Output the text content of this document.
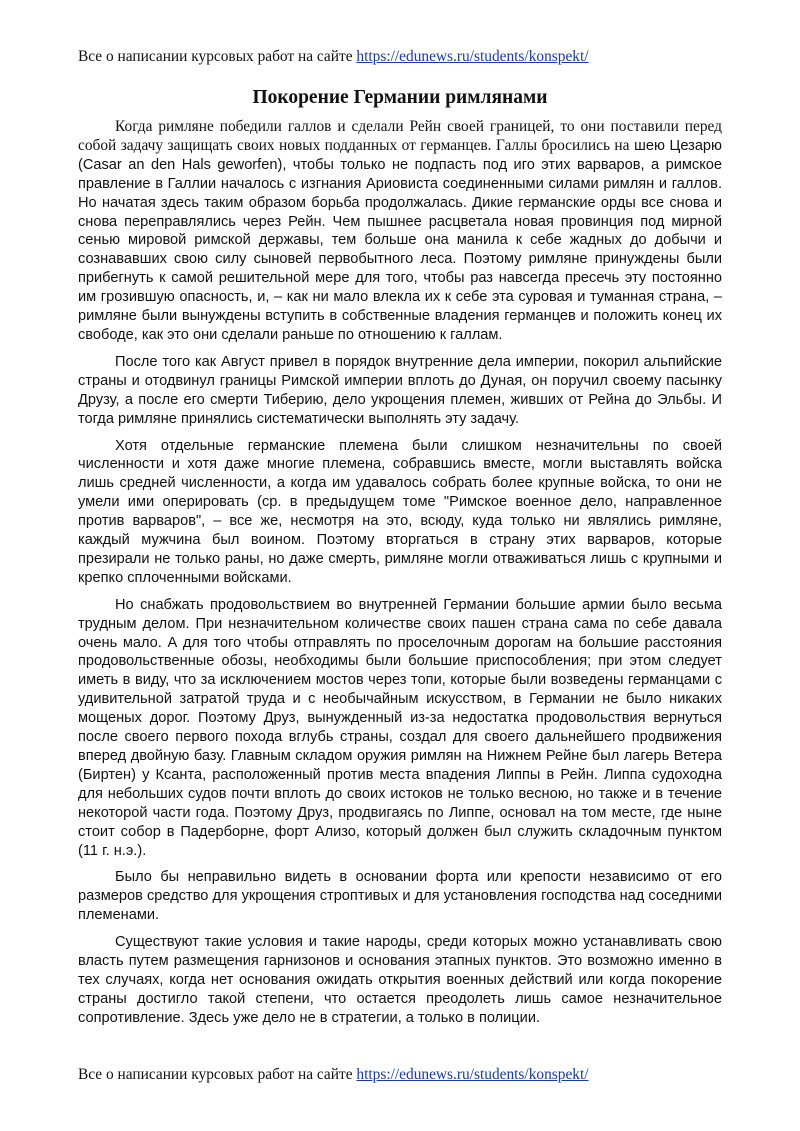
Все о написании курсовых работ на сайте https://edunews.ru/students/konspekt/
Покорение Германии римлянами

Когда римляне победили галлов и сделали Рейн своей границей, то они поставили перед собой задачу защищать своих новых подданных от германцев. Галлы бросились на шею Цезарю (Casar an den Hals geworfen), чтобы только не подпасть под иго этих варваров, а римское правление в Галлии началось с изгнания Ариовиста соединенными силами римлян и галлов. Но начатая здесь таким образом борьба продолжалась. Дикие германские орды все снова и снова переправлялись через Рейн. Чем пышнее расцветала новая провинция под мирной сенью мировой римской державы, тем больше она манила к себе жадных до добычи и сознававших свою силу сыновей первобытного леса. Поэтому римляне принуждены были прибегнуть к самой решительной мере для того, чтобы раз навсегда пресечь эту постоянно им грозившую опасность, и, – как ни мало влекла их к себе эта суровая и туманная страна, – римляне были вынуждены вступить в собственные владения германцев и положить конец их свободе, как это они сделали раньше по отношению к галлам.

После того как Август привел в порядок внутренние дела империи, покорил альпийские страны и отодвинул границы Римской империи вплоть до Дуная, он поручил своему пасынку Друзу, а после его смерти Тиберию, дело укрощения племен, живших от Рейна до Эльбы. И тогда римляне принялись систематически выполнять эту задачу.

Хотя отдельные германские племена были слишком незначительны по своей численности и хотя даже многие племена, собравшись вместе, могли выставлять войска лишь средней численности, а когда им удавалось собрать более крупные войска, то они не умели ими оперировать (ср. в предыдущем томе "Римское военное дело, направленное против варваров", – все же, несмотря на это, всюду, куда только ни являлись римляне, каждый мужчина был воином. Поэтому вторгаться в страну этих варваров, которые презирали не только раны, но даже смерть, римляне могли отваживаться лишь с крупными и крепко сплоченными войсками.

Но снабжать продовольствием во внутренней Германии большие армии было весьма трудным делом. При незначительном количестве своих пашен страна сама по себе давала очень мало. А для того чтобы отправлять по проселочным дорогам на большие расстояния продовольственные обозы, необходимы были большие приспособления; при этом следует иметь в виду, что за исключением мостов через топи, которые были возведены германцами с удивительной затратой труда и с необычайным искусством, в Германии не было никаких мощеных дорог. Поэтому Друз, вынужденный из-за недостатка продовольствия вернуться после своего первого похода вглубь страны, создал для своего дальнейшего продвижения вперед двойную базу. Главным складом оружия римлян на Нижнем Рейне был лагерь Ветера (Биртен) у Ксанта, расположенный против места впадения Липпы в Рейн. Липпа судоходна для небольших судов почти вплоть до своих истоков не только весною, но также и в течение некоторой части года. Поэтому Друз, продвигаясь по Липпе, основал на том месте, где ныне стоит собор в Падерборне, форт Ализо, который должен был служить складочным пунктом (11 г. н.э.).

Было бы неправильно видеть в основании форта или крепости независимо от его размеров средство для укрощения строптивых и для установления господства над соседними племенами.

Существуют такие условия и такие народы, среди которых можно устанавливать свою власть путем размещения гарнизонов и основания этапных пунктов. Это возможно именно в тех случаях, когда нет основания ожидать открытия военных действий или когда покорение страны достигло такой степени, что остается преодолеть лишь самое незначительное сопротивление. Здесь уже дело не в стратегии, а только в полиции.

Все о написании курсовых работ на сайте https://edunews.ru/students/konspekt/
